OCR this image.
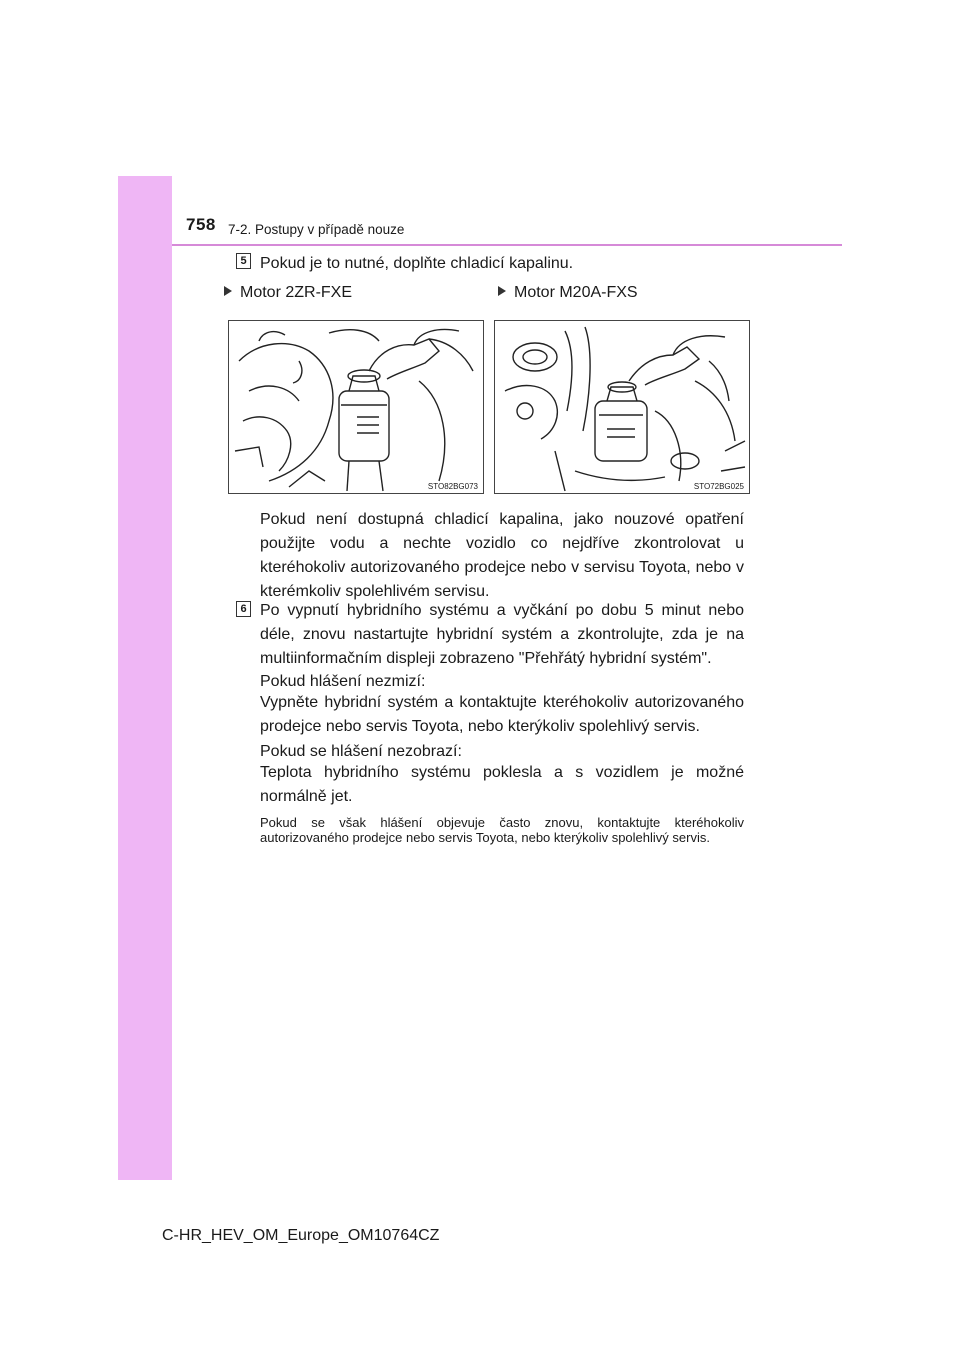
758 7-2. Postupy v případě nouze
5 Pokud je to nutné, doplňte chladicí kapalinu.
Motor 2ZR-FXE	Motor M20A-FXS
STO82BG073	STO72BG025
Pokud není dostupná chladicí kapalina, jako nouzové opatření použijte vodu a nechte vozidlo co nejdříve zkontrolovat u kteréhokoliv autorizovaného prodejce nebo v servisu Toyota, nebo v kterémkoliv spolehlivém servisu.
6 Po vypnutí hybridního systému a vyčkání po dobu 5 minut nebo déle, znovu nastartujte hybridní systém a zkontrolujte, zda je na multiinformačním displeji zobrazeno "Přehřátý hybridní systém".
Pokud hlášení nezmizí:
Vypněte hybridní systém a kontaktujte kteréhokoliv autorizovaného prodejce nebo servis Toyota, nebo kterýkoliv spolehlivý servis.
Pokud se hlášení nezobrazí:
Teplota hybridního systému poklesla a s vozidlem je možné normálně jet.
Pokud se však hlášení objevuje často znovu, kontaktujte kteréhokoliv autorizovaného prodejce nebo servis Toyota, nebo kterýkoliv spolehlivý servis.
C-HR_HEV_OM_Europe_OM10764CZ
